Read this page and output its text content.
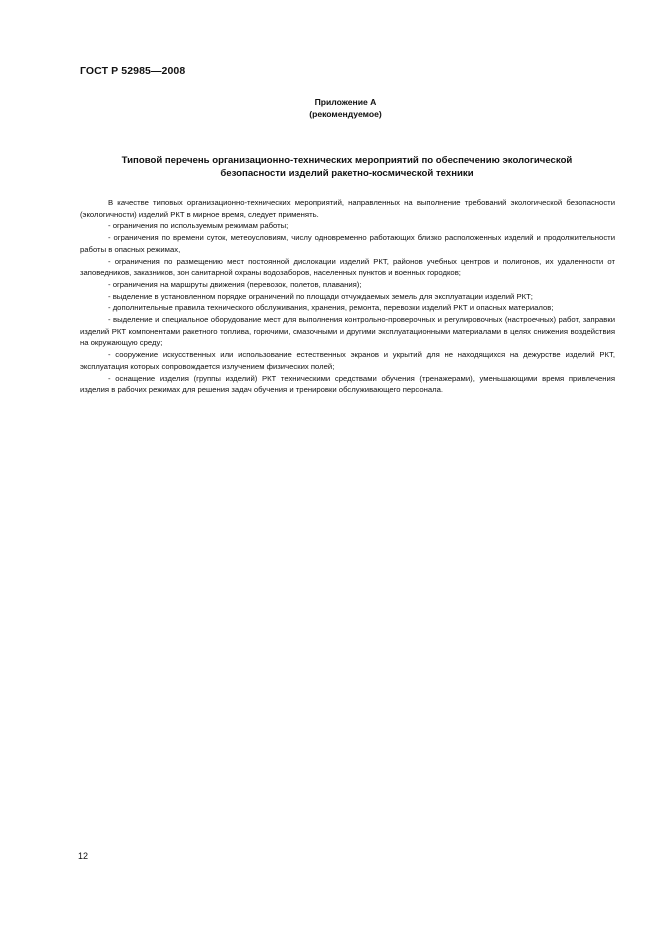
ГОСТ Р 52985—2008
Приложение А
(рекомендуемое)
Типовой перечень организационно-технических мероприятий по обеспечению экологической
безопасности изделий ракетно-космической техники

В качестве типовых организационно-технических мероприятий, направленных на выполнение требований экологической безопасности (экологичности) изделий РКТ в мирное время, следует применять.

- ограничения по используемым режимам работы;

- ограничения по времени суток, метеоусловиям, числу одновременно работающих близко расположенных изделий и продолжительности работы в опасных режимах,

- ограничения по размещению мест постоянной дислокации изделий РКТ, районов учебных центров и полигонов, их удаленности от заповедников, заказников, зон санитарной охраны водозаборов, населенных пунктов и военных городков;

- ограничения на маршруты движения (перевозок, полетов, плавания);

- выделение в установленном порядке ограничений по площади отчуждаемых земель для эксплуатации изделий РКТ;

- дополнительные правила технического обслуживания, хранения, ремонта, перевозки изделий РКТ и опасных материалов;

- выделение и специальное оборудование мест для выполнения контрольно-проверочных и регулировочных (настроечных) работ, заправки изделий РКТ компонентами ракетного топлива, горючими, смазочными и другими эксплуатационными материалами в целях снижения воздействия на окружающую среду;

- сооружение искусственных или использование естественных экранов и укрытий для не находящихся на дежурстве изделий РКТ, эксплуатация которых сопровождается излучением физических полей;

- оснащение изделия (группы изделий) РКТ техническими средствами обучения (тренажерами), уменьшающими время привлечения изделия в рабочих режимах для решения задач обучения и тренировки обслуживающего персонала.

12
